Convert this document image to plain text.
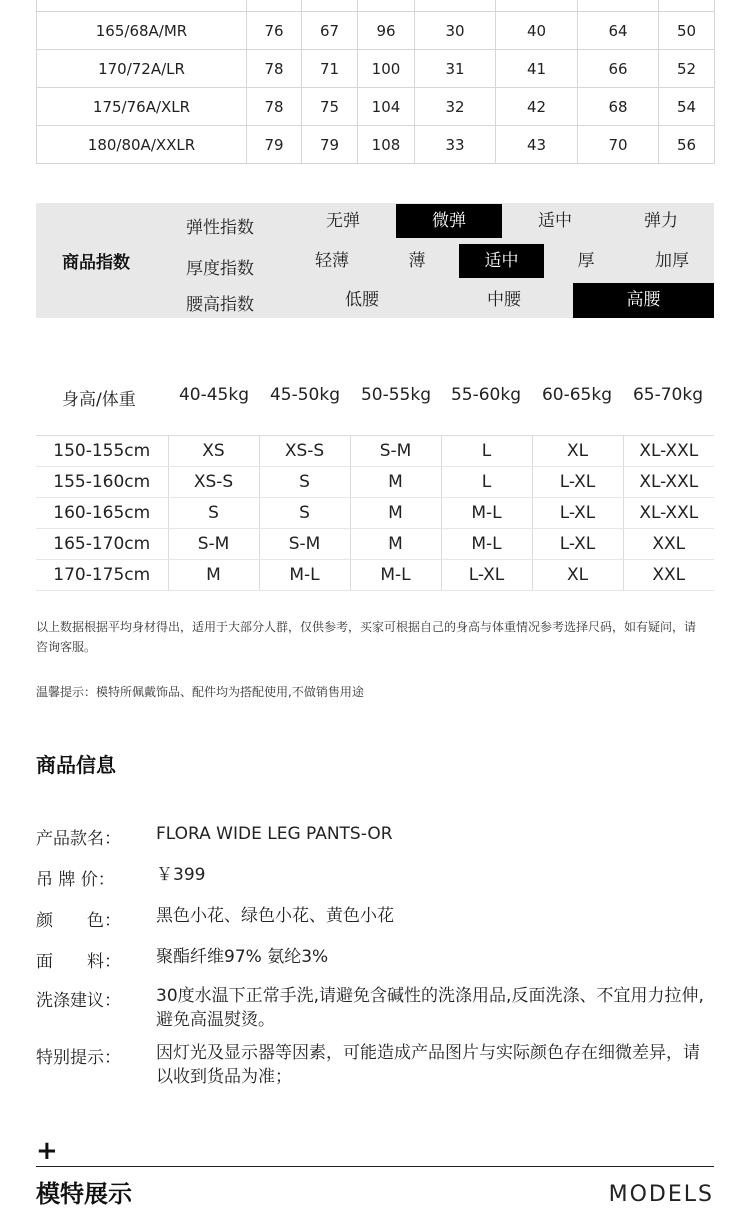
165/68A/MR	76	67	96	30	40	64	50
170/72A/LR	78	71	100	31	41	66	52
175/76A/XLR	78	75	104	32	42	68	54
180/80A/XXLR	79	79	108	33	43	70	56
商品指数
弹性指数	无弹	微弹	适中	弹力
厚度指数	轻薄	薄	适中	厚	加厚
腰高指数	低腰	中腰	高腰
身高/体重	40-45kg	45-50kg	50-55kg	55-60kg	60-65kg	65-70kg
150-155cm	XS	XS-S	S-M	L	XL	XL-XXL
155-160cm	XS-S	S	M	L	L-XL	XL-XXL
160-165cm	S	S	M	M-L	L-XL	XL-XXL
165-170cm	S-M	S-M	M	M-L	L-XL	XXL
170-175cm	M	M-L	M-L	L-XL	XL	XXL
以上数据根据平均身材得出，适用于大部分人群，仅供参考，买家可根据自己的身高与体重情况参考选择尺码，如有疑问，请咨询客服。
温馨提示：模特所佩戴饰品、配件均为搭配使用,不做销售用途
商品信息
产品款名： FLORA WIDE LEG PANTS-OR
吊 牌 价： ￥399
颜　　色： 黑色小花、绿色小花、黄色小花
面　　料： 聚酯纤维97% 氨纶3%
洗涤建议： 30度水温下正常手洗,请避免含碱性的洗涤用品,反面洗涤、不宜用力拉伸,避免高温熨烫。
特别提示： 因灯光及显示器等因素，可能造成产品图片与实际颜色存在细微差异，请以收到货品为准；
+
模特展示	MODELS
